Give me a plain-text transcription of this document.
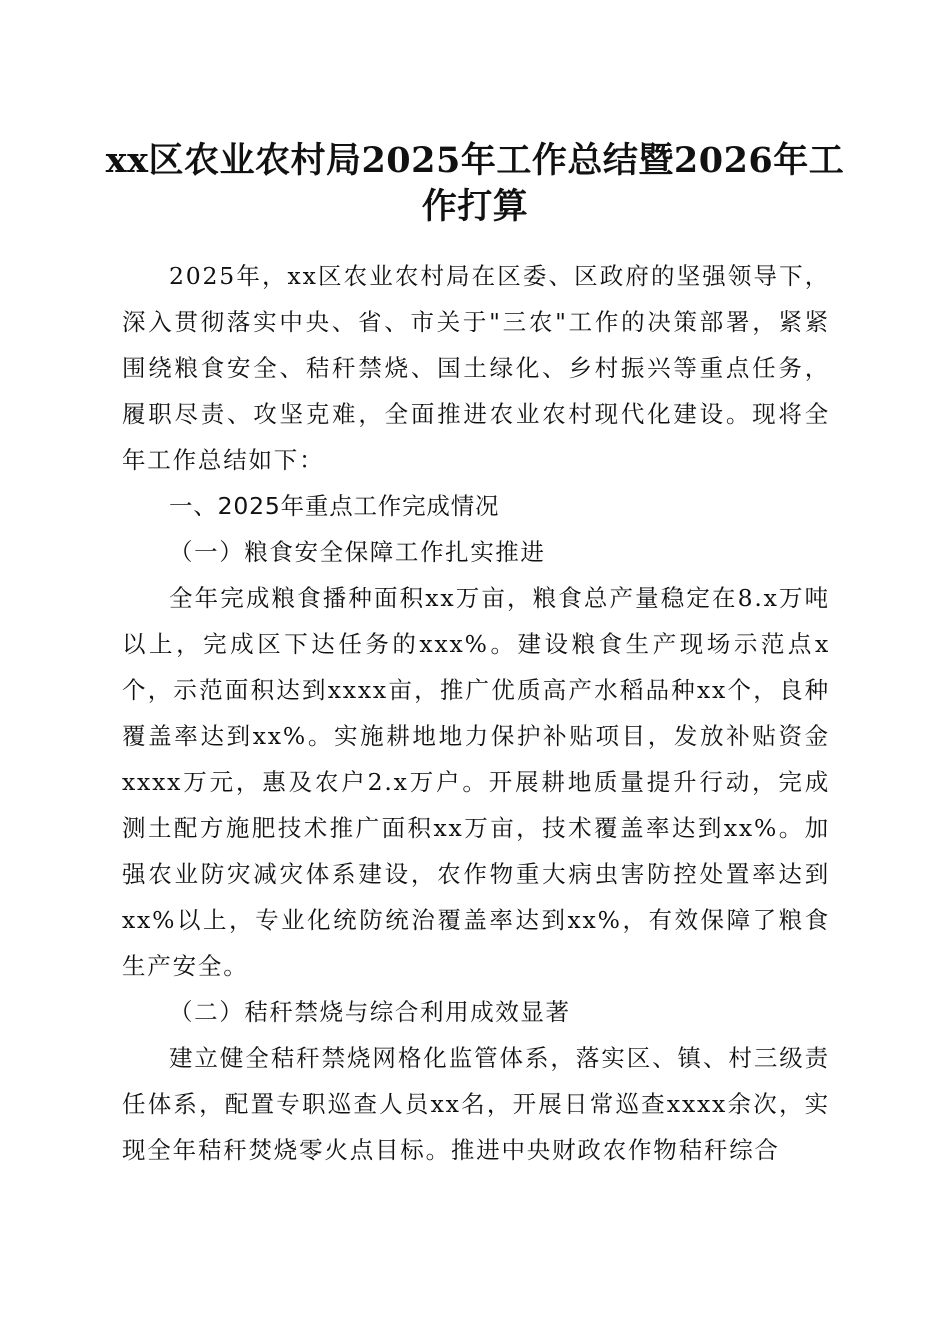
xx区农业农村局2025年工作总结暨2026年工作打算

2025年，xx区农业农村局在区委、区政府的坚强领导下，深入贯彻落实中央、省、市关于"三农"工作的决策部署，紧紧围绕粮食安全、秸秆禁烧、国土绿化、乡村振兴等重点任务，履职尽责、攻坚克难，全面推进农业农村现代化建设。现将全年工作总结如下：

一、2025年重点工作完成情况

（一）粮食安全保障工作扎实推进

全年完成粮食播种面积xx万亩，粮食总产量稳定在8.x万吨以上，完成区下达任务的xxx%。建设粮食生产现场示范点x个，示范面积达到xxxx亩，推广优质高产水稻品种xx个，良种覆盖率达到xx%。实施耕地地力保护补贴项目，发放补贴资金xxxx万元，惠及农户2.x万户。开展耕地质量提升行动，完成测土配方施肥技术推广面积xx万亩，技术覆盖率达到xx%。加强农业防灾减灾体系建设，农作物重大病虫害防控处置率达到xx%以上，专业化统防统治覆盖率达到xx%，有效保障了粮食生产安全。

（二）秸秆禁烧与综合利用成效显著

建立健全秸秆禁烧网格化监管体系，落实区、镇、村三级责任体系，配置专职巡查人员xx名，开展日常巡查xxxx余次，实现全年秸秆焚烧零火点目标。推进中央财政农作物秸秆综合
